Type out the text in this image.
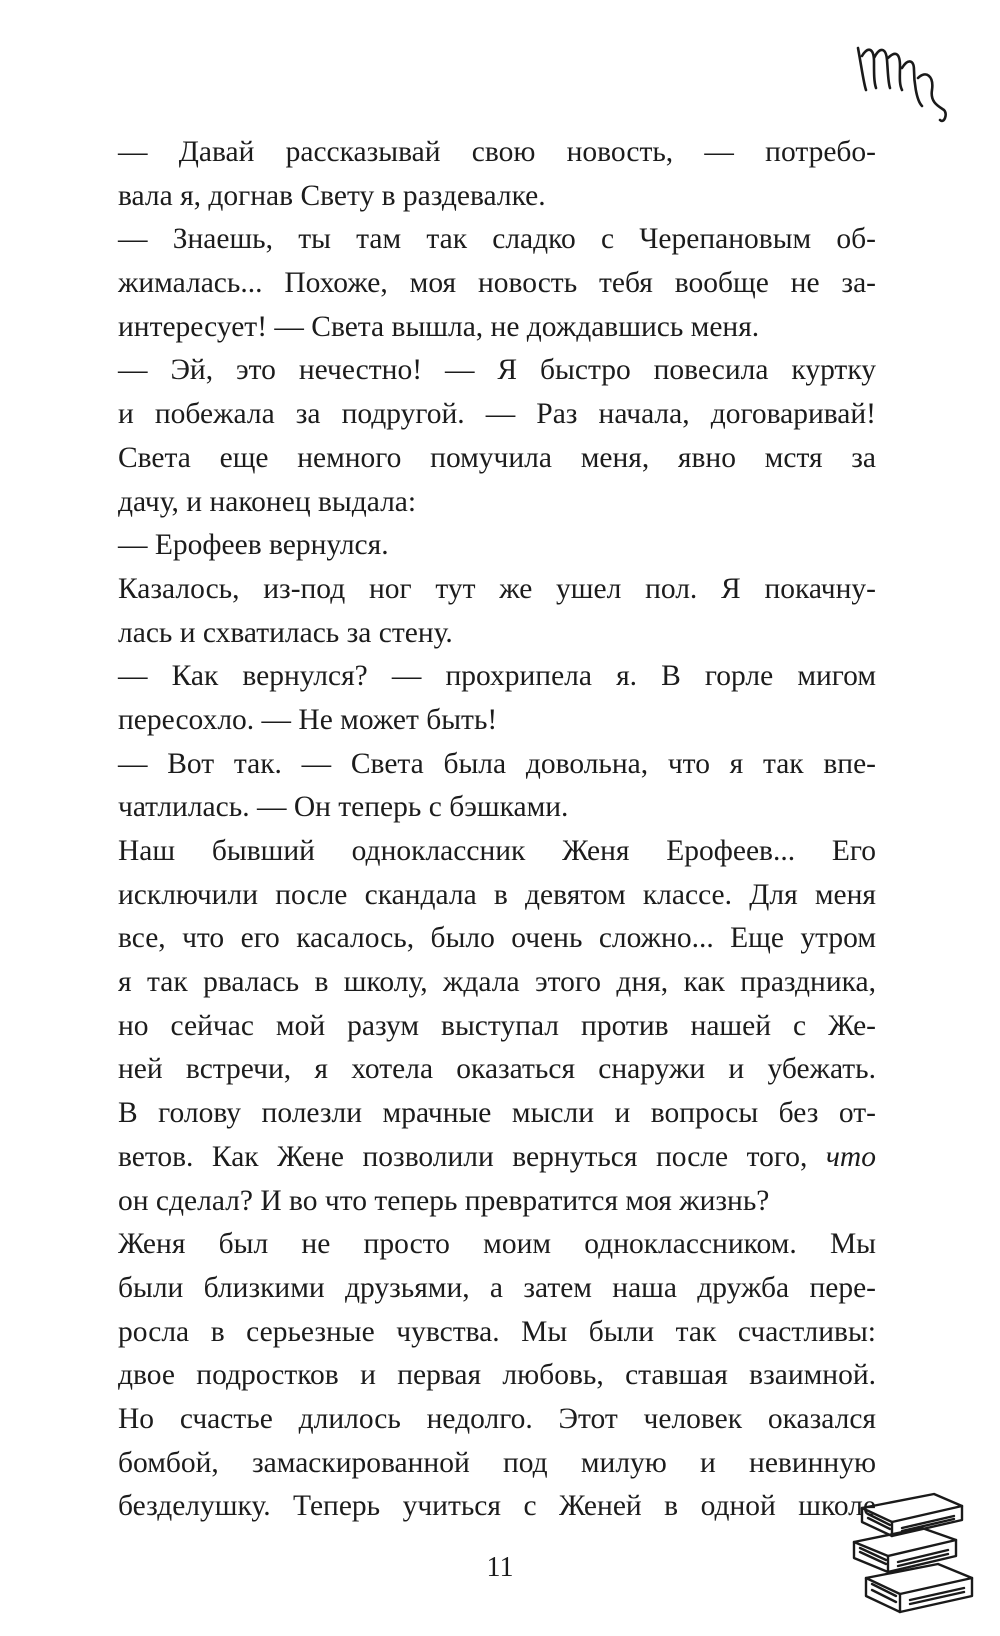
— Давай рассказывай свою новость, — потребо-
вала я, догнав Свету в раздевалке.
— Знаешь, ты там так сладко с Черепановым об-
жималась... Похоже, моя новость тебя вообще не за-
интересует! — Света вышла, не дождавшись меня.
— Эй, это нечестно! — Я быстро повесила куртку
и побежала за подругой. — Раз начала, договаривай!
Света еще немного помучила меня, явно мстя за
дачу, и наконец выдала:
— Ерофеев вернулся.
Казалось, из-под ног тут же ушел пол. Я покачну-
лась и схватилась за стену.
— Как вернулся? — прохрипела я. В горле мигом
пересохло. — Не может быть!
— Вот так. — Света была довольна, что я так впе-
чатлилась. — Он теперь с бэшками.
Наш бывший одноклассник Женя Ерофеев... Его
исключили после скандала в девятом классе. Для меня
все, что его касалось, было очень сложно... Еще утром
я так рвалась в школу, ждала этого дня, как праздника,
но сейчас мой разум выступал против нашей с Же-
ней встречи, я хотела оказаться снаружи и убежать.
В голову полезли мрачные мысли и вопросы без от-
ветов. Как Жене позволили вернуться после того, что
он сделал? И во что теперь превратится моя жизнь?
Женя был не просто моим одноклассником. Мы
были близкими друзьями, а затем наша дружба пере-
росла в серьезные чувства. Мы были так счастливы:
двое подростков и первая любовь, ставшая взаимной.
Но счастье длилось недолго. Этот человек оказался
бомбой, замаскированной под милую и невинную
безделушку. Теперь учиться с Женей в одной школе
11
